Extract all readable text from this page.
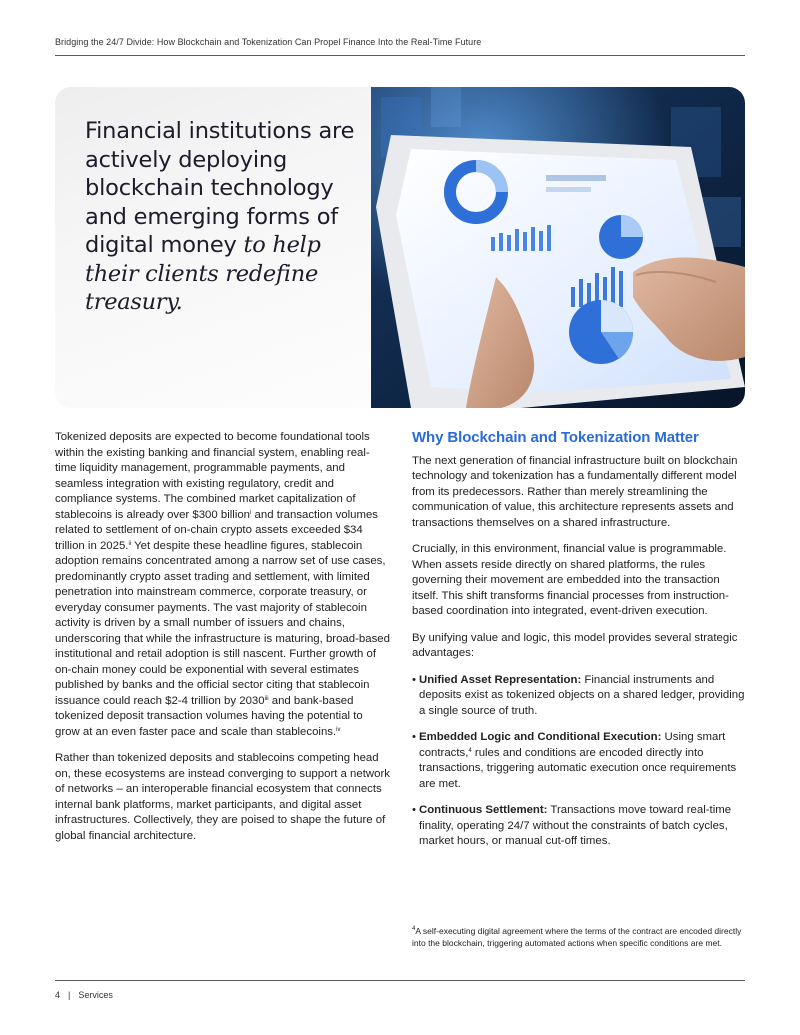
Bridging the 24/7 Divide: How Blockchain and Tokenization Can Propel Finance Into the Real-Time Future
Financial institutions are actively deploying blockchain technology and emerging forms of digital money to help their clients redefine treasury.

Tokenized deposits are expected to become foundational tools within the existing banking and financial system, enabling real-time liquidity management, programmable payments, and seamless integration with existing regulatory, credit and compliance systems. The combined market capitalization of stablecoins is already over $300 billion$^i$ and transaction volumes related to settlement of on-chain crypto assets exceeded $34 trillion in 2025.$^{ii}$ Yet despite these headline figures, stablecoin adoption remains concentrated among a narrow set of use cases, predominantly crypto asset trading and settlement, with limited penetration into mainstream commerce, corporate treasury, or everyday consumer payments. The vast majority of stablecoin activity is driven by a small number of issuers and chains, underscoring that while the infrastructure is maturing, broad-based institutional and retail adoption is still nascent. Further growth of on-chain money could be exponential with several estimates published by banks and the official sector citing that stablecoin issuance could reach $2-4 trillion by 2030$^{iii}$ and bank-based tokenized deposit transaction volumes having the potential to grow at an even faster pace and scale than stablecoins.$^{iv}$

Rather than tokenized deposits and stablecoins competing head on, these ecosystems are instead converging to support a network of networks – an interoperable financial ecosystem that connects internal bank platforms, market participants, and digital asset infrastructures. Collectively, they are poised to shape the future of global financial architecture.

Why Blockchain and Tokenization Matter

The next generation of financial infrastructure built on blockchain technology and tokenization has a fundamentally different model from its predecessors. Rather than merely streamlining the communication of value, this architecture represents assets and transactions themselves on a shared infrastructure.

Crucially, in this environment, financial value is programmable. When assets reside directly on shared platforms, the rules governing their movement are embedded into the transaction itself. This shift transforms financial processes from instruction-based coordination into integrated, event-driven execution.

By unifying value and logic, this model provides several strategic advantages:

• Unified Asset Representation: Financial instruments and deposits exist as tokenized objects on a shared ledger, providing a single source of truth.
• Embedded Logic and Conditional Execution: Using smart contracts,$^4$ rules and conditions are encoded directly into transactions, triggering automatic execution once requirements are met.
• Continuous Settlement: Transactions move toward real-time finality, operating 24/7 without the constraints of batch cycles, market hours, or manual cut-off times.
$^4$A self-executing digital agreement where the terms of the contract are encoded directly into the blockchain, triggering automated actions when specific conditions are met.
4 | Services
